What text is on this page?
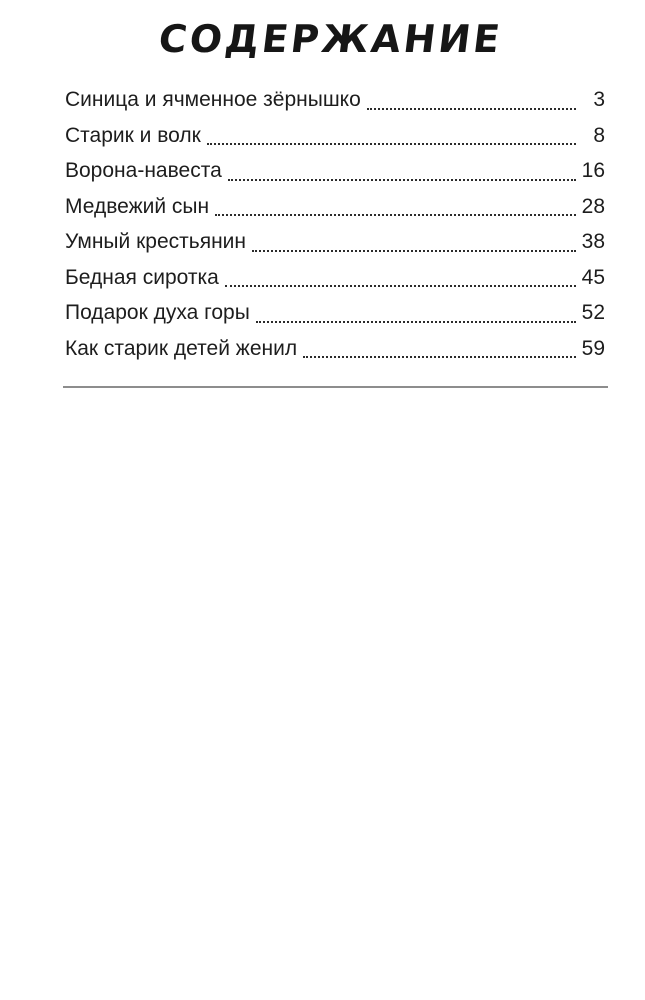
СОДЕРЖАНИЕ
Синица и ячменное зёрнышко	3
Старик и волк	8
Ворона-навеста	16
Медвежий сын	28
Умный крестьянин	38
Бедная сиротка	45
Подарок духа горы	52
Как старик детей женил	59
